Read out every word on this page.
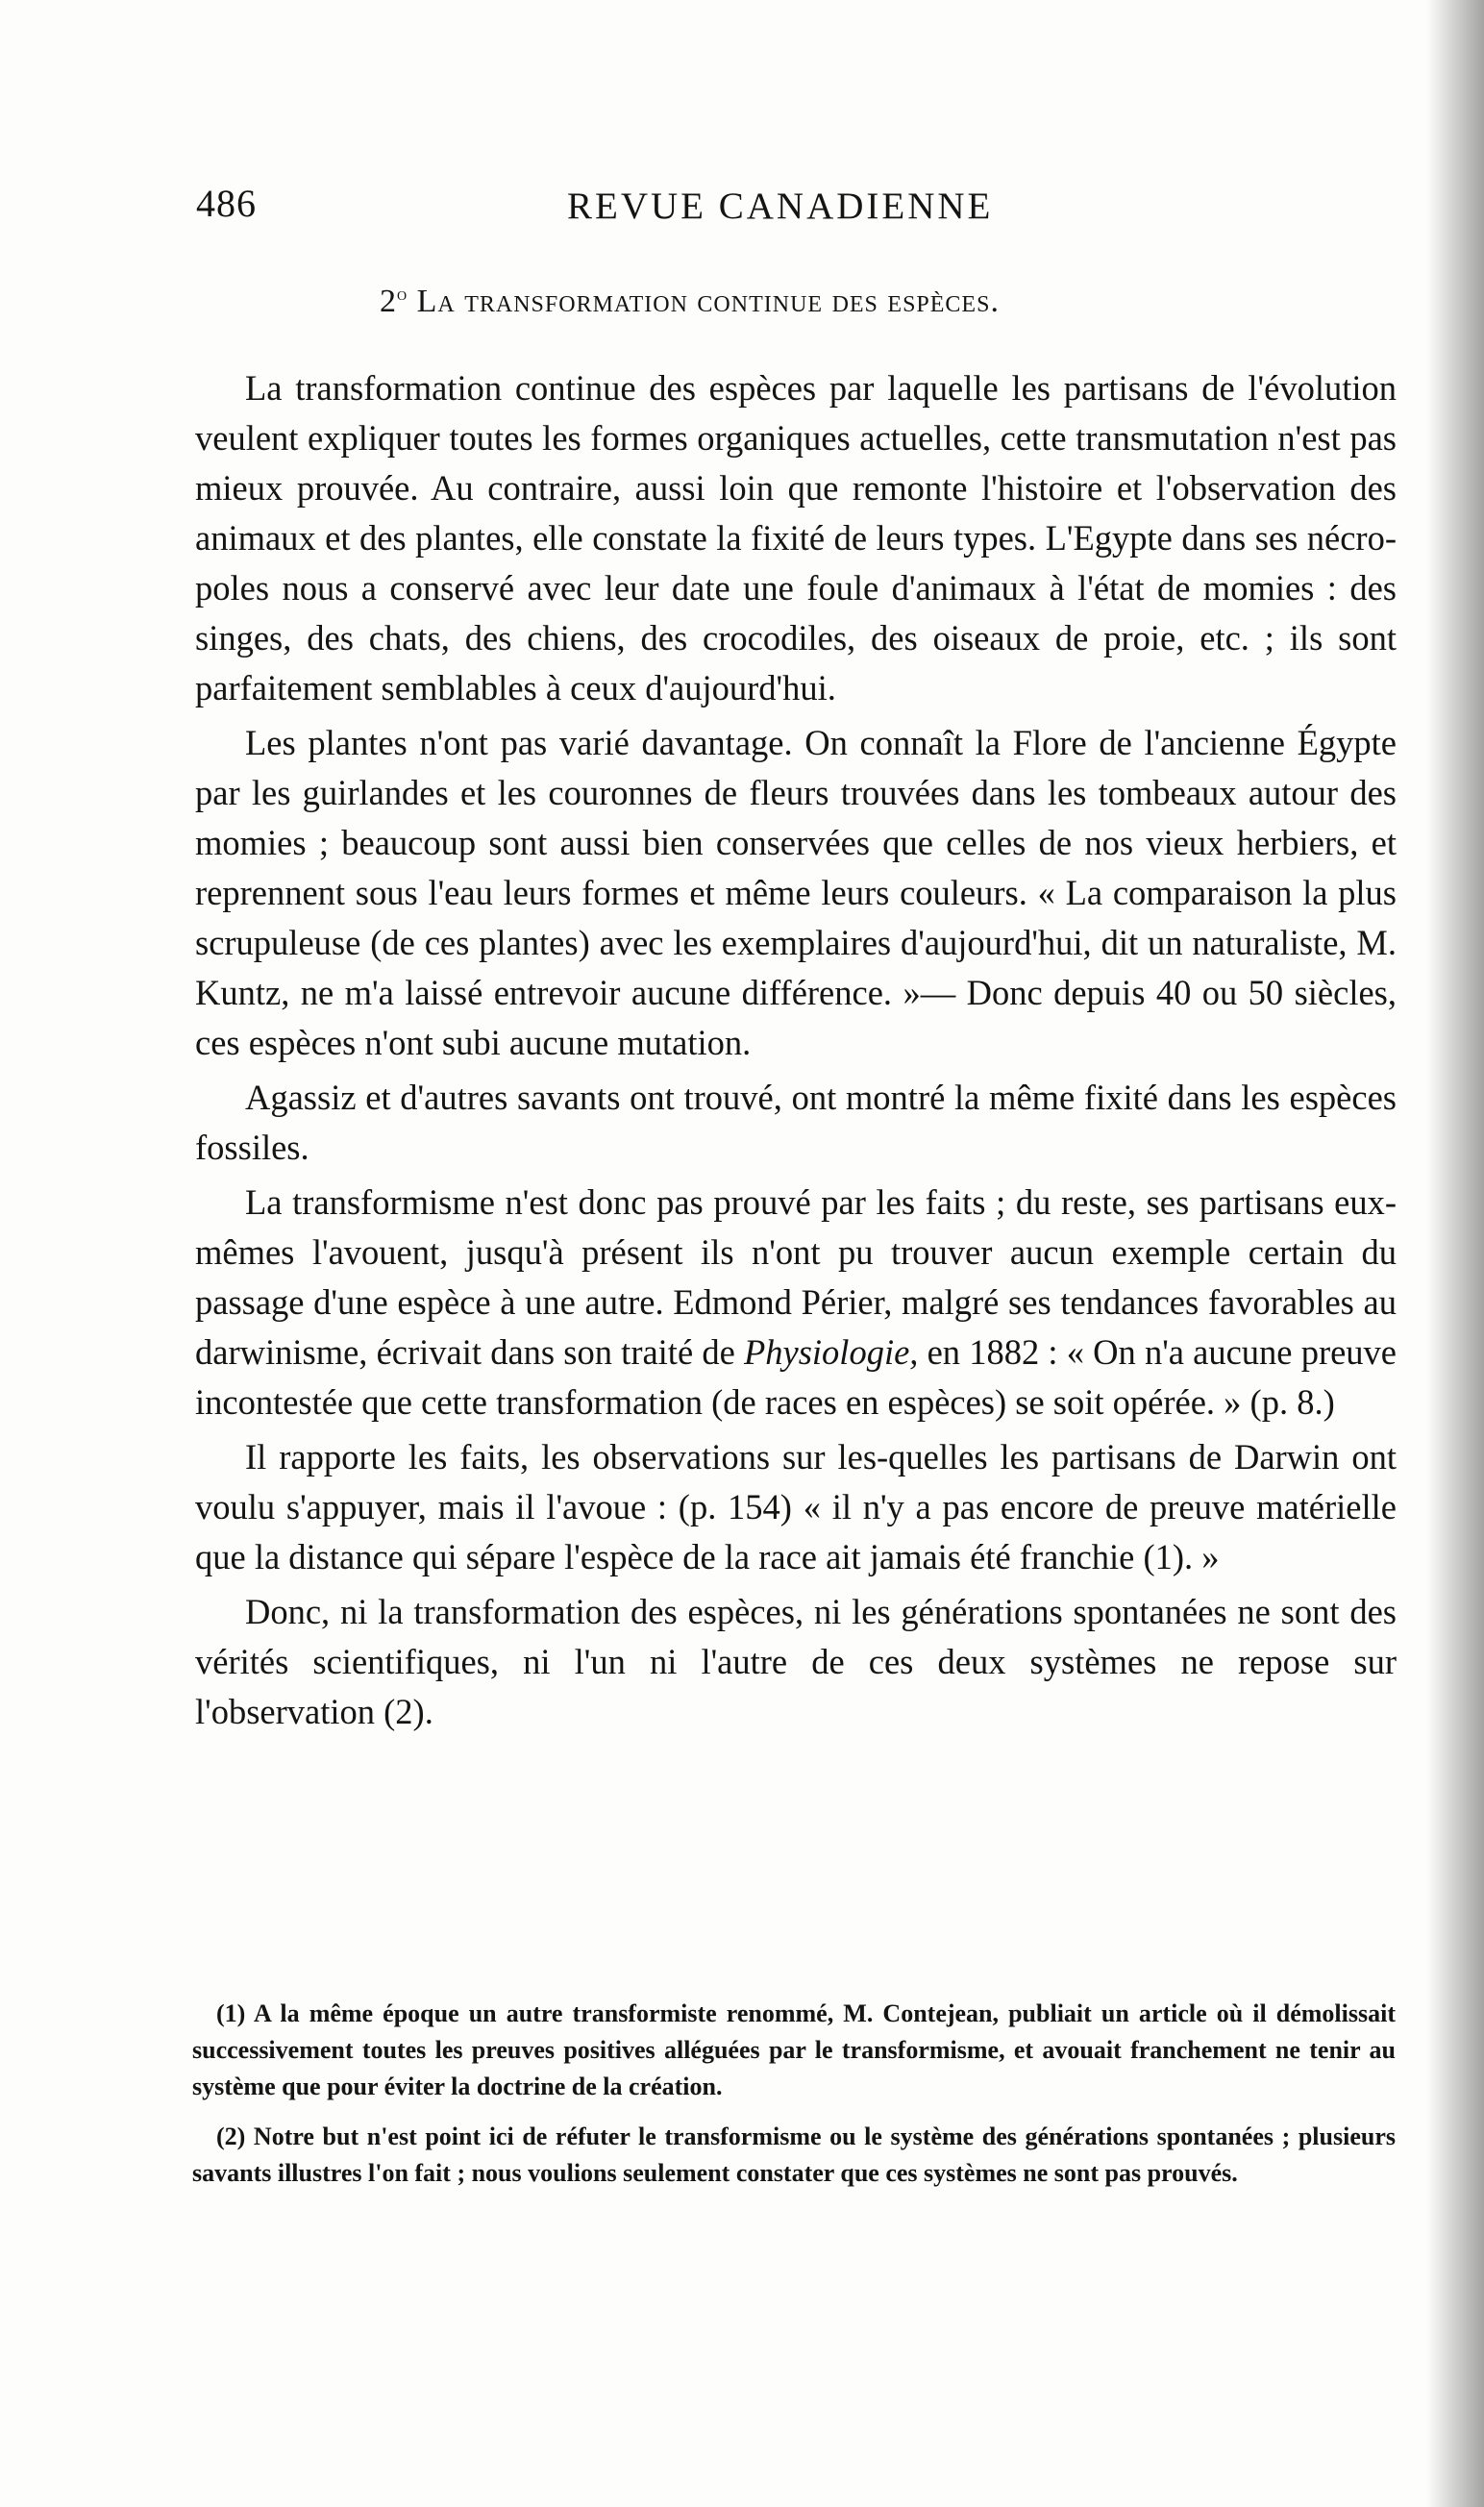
486	REVUE CANADIENNE
2$^o$ La transformation continue des espèces.

La transformation continue des espèces par laquelle les partisans de l'évolution veulent expliquer toutes les formes organiques actuelles, cette transmutation n'est pas mieux prouvée. Au contraire, aussi loin que remonte l'histoire et l'observation des animaux et des plantes, elle constate la fixité de leurs types. L'Egypte dans ses nécro-poles nous a conservé avec leur date une foule d'animaux à l'état de momies : des singes, des chats, des chiens, des crocodiles, des oiseaux de proie, etc. ; ils sont parfaitement semblables à ceux d'aujourd'hui.

Les plantes n'ont pas varié davantage. On connaît la Flore de l'ancienne Égypte par les guirlandes et les couronnes de fleurs trouvées dans les tombeaux autour des momies ; beaucoup sont aussi bien conservées que celles de nos vieux herbiers, et reprennent sous l'eau leurs formes et même leurs couleurs. « La comparaison la plus scrupuleuse (de ces plantes) avec les exemplaires d'aujourd'hui, dit un naturaliste, M. Kuntz, ne m'a laissé entrevoir aucune différence. »— Donc depuis 40 ou 50 siècles, ces espèces n'ont subi aucune mutation.

Agassiz et d'autres savants ont trouvé, ont montré la même fixité dans les espèces fossiles.

La transformisme n'est donc pas prouvé par les faits ; du reste, ses partisans eux-mêmes l'avouent, jusqu'à présent ils n'ont pu trouver aucun exemple certain du passage d'une espèce à une autre. Edmond Périer, malgré ses tendances favorables au darwinisme, écrivait dans son traité de Physiologie, en 1882 : « On n'a aucune preuve incontestée que cette transformation (de races en espèces) se soit opérée. » (p. 8.)

Il rapporte les faits, les observations sur les-quelles les partisans de Darwin ont voulu s'appuyer, mais il l'avoue : (p. 154) « il n'y a pas encore de preuve matérielle que la distance qui sépare l'espèce de la race ait jamais été franchie (1). »

Donc, ni la transformation des espèces, ni les générations spontanées ne sont des vérités scientifiques, ni l'un ni l'autre de ces deux systèmes ne repose sur l'observation (2).

(1) A la même époque un autre transformiste renommé, M. Contejean, publiait un article où il démolissait successivement toutes les preuves positives alléguées par le transformisme, et avouait franchement ne tenir au système que pour éviter la doctrine de la création.

(2) Notre but n'est point ici de réfuter le transformisme ou le système des générations spontanées ; plusieurs savants illustres l'on fait ; nous voulions seulement constater que ces systèmes ne sont pas prouvés.
